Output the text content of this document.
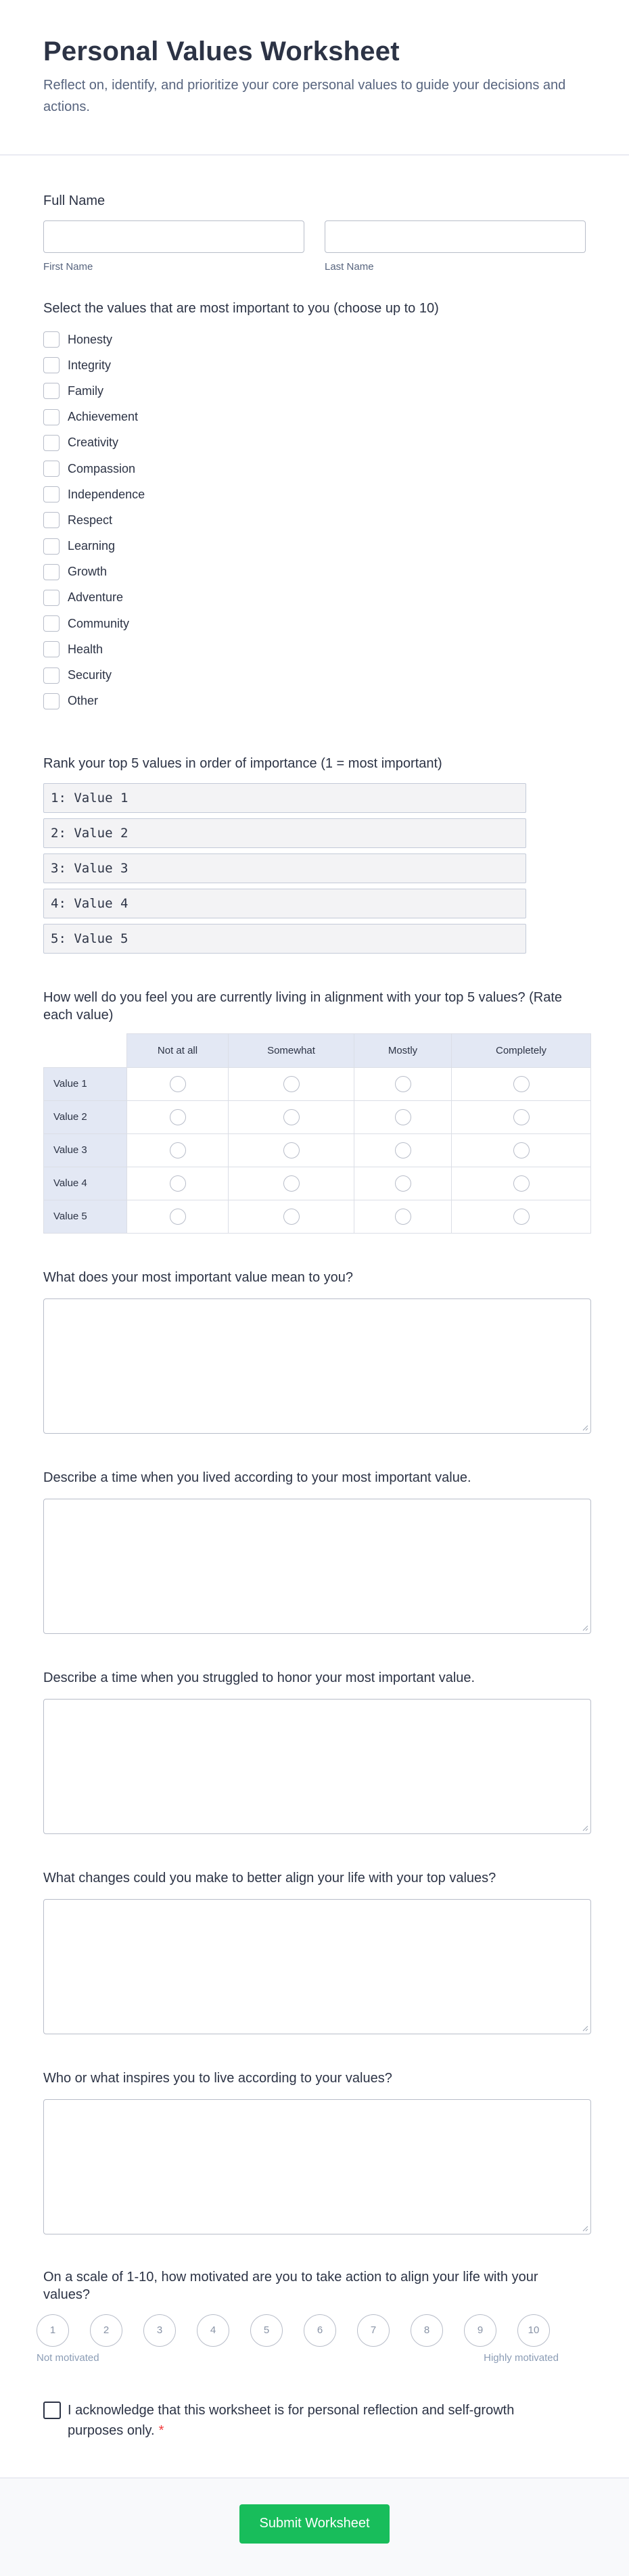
Personal Values Worksheet

Reflect on, identify, and prioritize your core personal values to guide your decisions and actions.

Full Name
First Name	Last Name
Select the values that are most important to you (choose up to 10)
Honesty
Integrity
Family
Achievement
Creativity
Compassion
Independence
Respect
Learning
Growth
Adventure
Community
Health
Security
Other
Rank your top 5 values in order of importance (1 = most important)
1: Value 1
2: Value 2
3: Value 3
4: Value 4
5: Value 5
How well do you feel you are currently living in alignment with your top 5 values? (Rate each value)
	Not at all	Somewhat	Mostly	Completely
Value 1				
Value 2				
Value 3				
Value 4				
Value 5				
What does your most important value mean to you?
Describe a time when you lived according to your most important value.
Describe a time when you struggled to honor your most important value.
What changes could you make to better align your life with your top values?
Who or what inspires you to live according to your values?
On a scale of 1-10, how motivated are you to take action to align your life with your values?
1	2	3	4	5	6	7	8	9	10
Not motivated	Highly motivated
I acknowledge that this worksheet is for personal reflection and self-growth purposes only. *
Submit Worksheet
